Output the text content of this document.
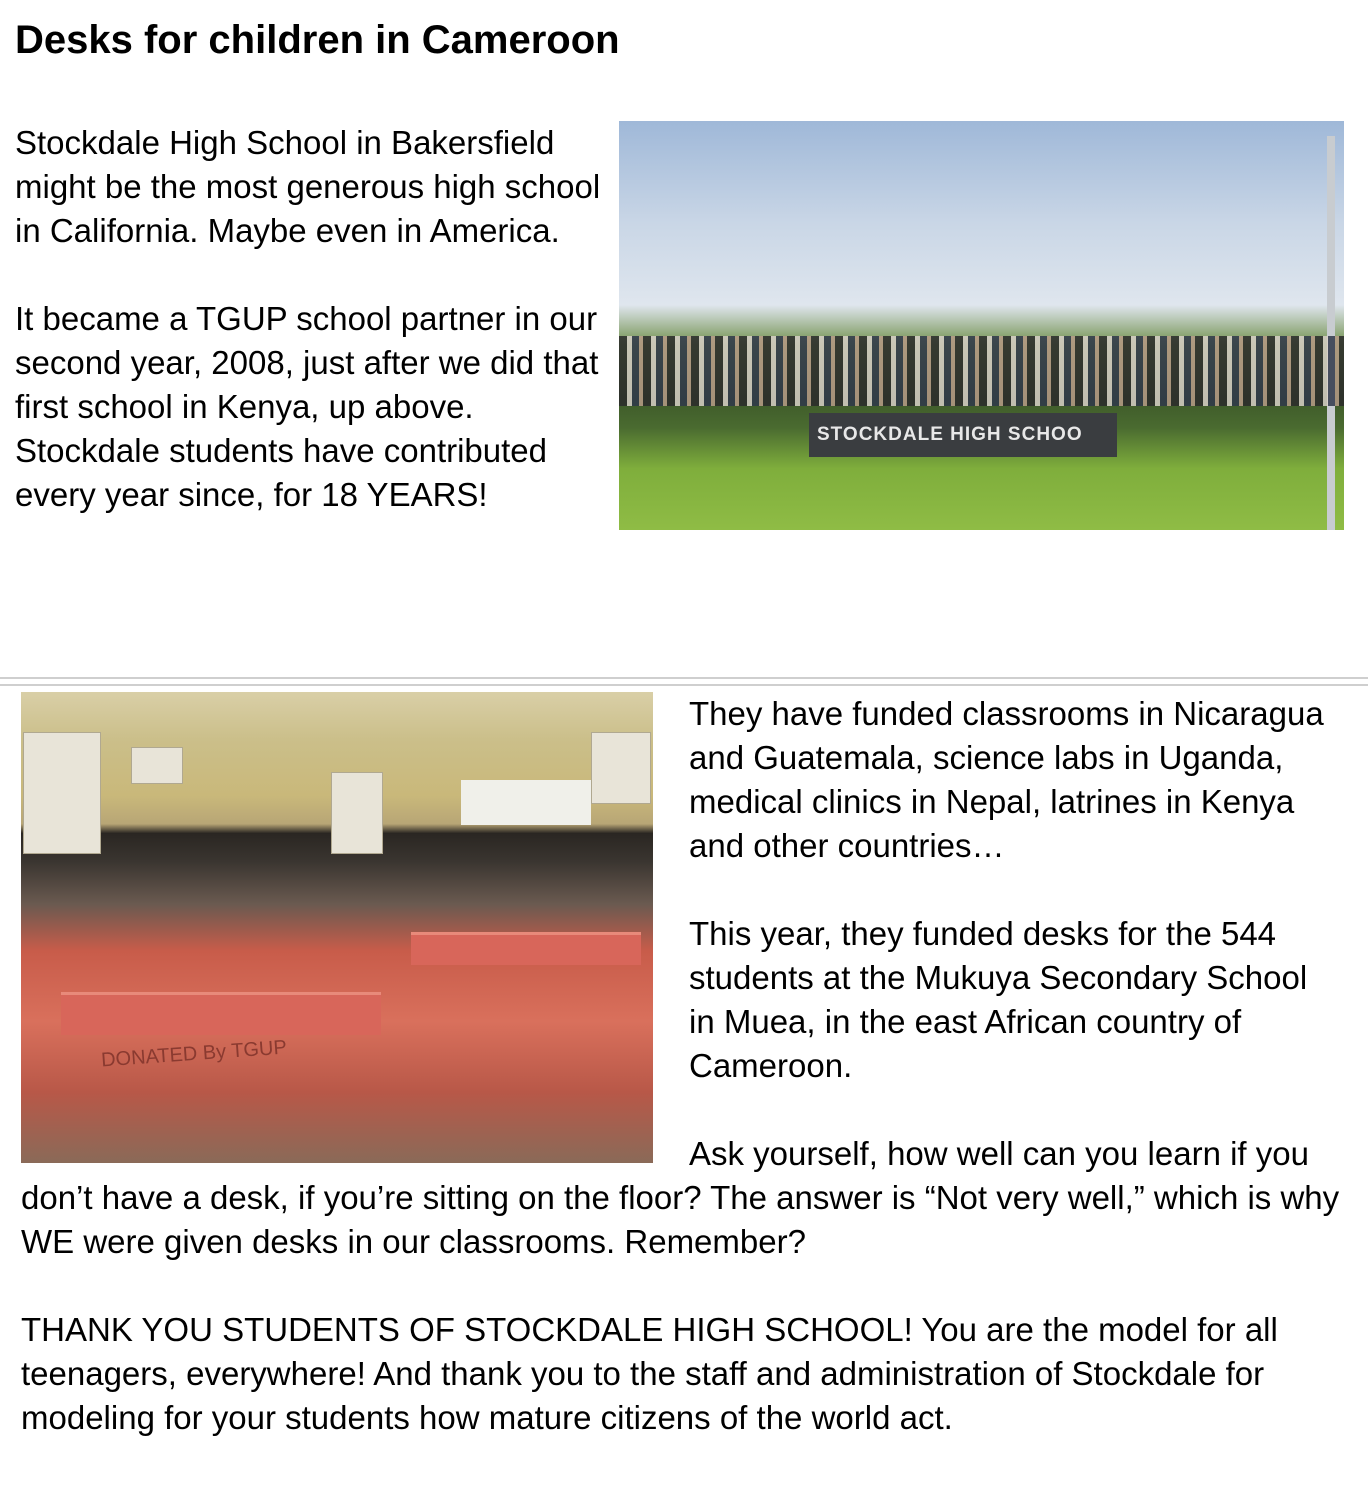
Desks for children in Cameroon

Stockdale High School in Bakersfield might be the most generous high school in California. Maybe even in America.

It became a TGUP school partner in our second year, 2008, just after we did that first school in Kenya, up above. Stockdale students have contributed every year since, for 18 YEARS!

STOCKDALE HIGH SCHOO
DONATED By TGUP

They have funded classrooms in Nicaragua and Guatemala, science labs in Uganda, medical clinics in Nepal, latrines in Kenya and other countries…

This year, they funded desks for the 544 students at the Mukuya Secondary School in Muea, in the east African country of Cameroon.

Ask yourself, how well can you learn if you don’t have a desk, if you’re sitting on the floor? The answer is “Not very well,” which is why WE were given desks in our classrooms. Remember?

THANK YOU STUDENTS OF STOCKDALE HIGH SCHOOL! You are the model for all teenagers, everywhere! And thank you to the staff and administration of Stockdale for modeling for your students how mature citizens of the world act.
